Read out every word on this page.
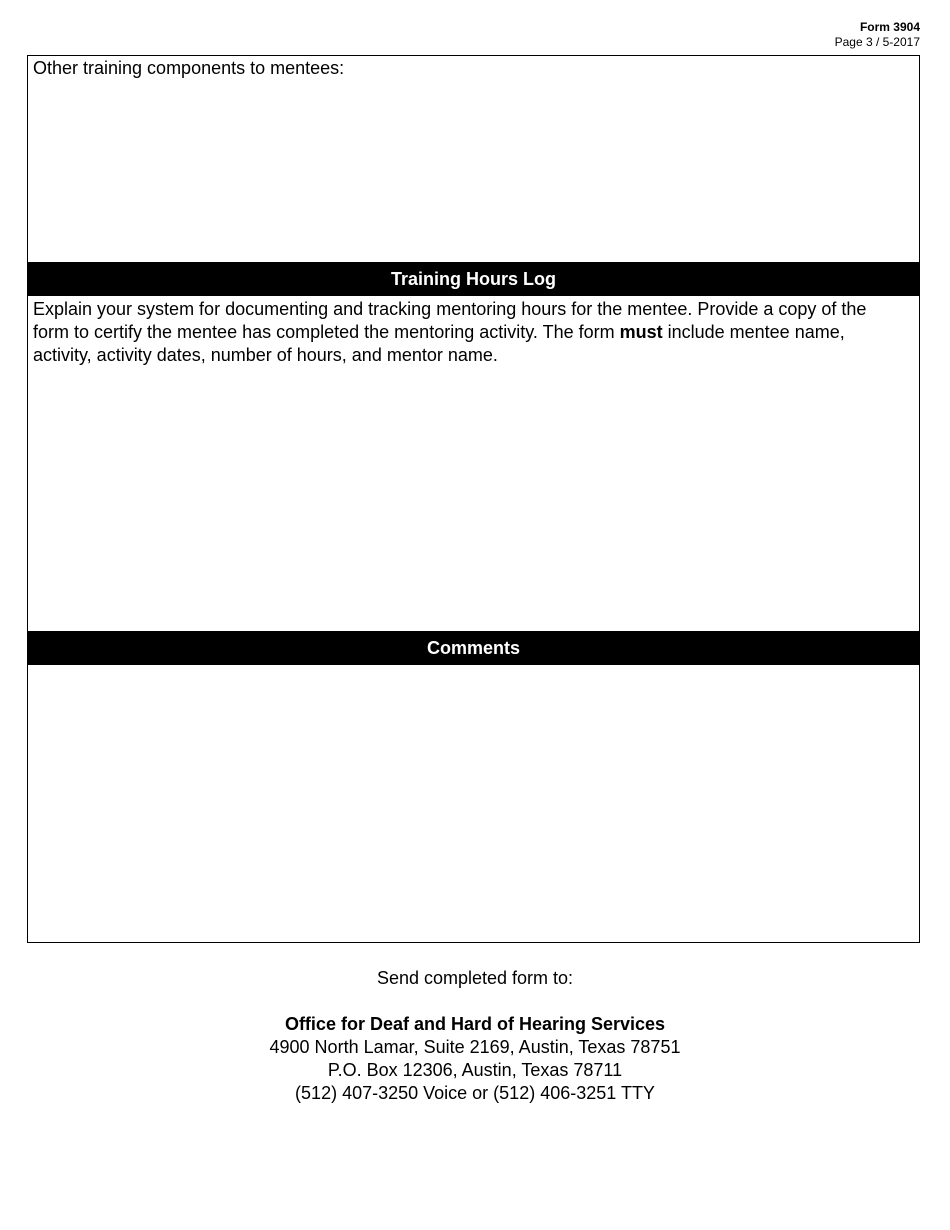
Form 3904
Page 3 / 5-2017
Other training components to mentees:
Training Hours Log
Explain your system for documenting and tracking mentoring hours for the mentee. Provide a copy of the form to certify the mentee has completed the mentoring activity. The form must include mentee name, activity, activity dates, number of hours, and mentor name.
Comments
Send completed form to:
Office for Deaf and Hard of Hearing Services
4900 North Lamar, Suite 2169, Austin, Texas 78751
P.O. Box 12306, Austin, Texas 78711
(512) 407-3250 Voice or (512) 406-3251 TTY
